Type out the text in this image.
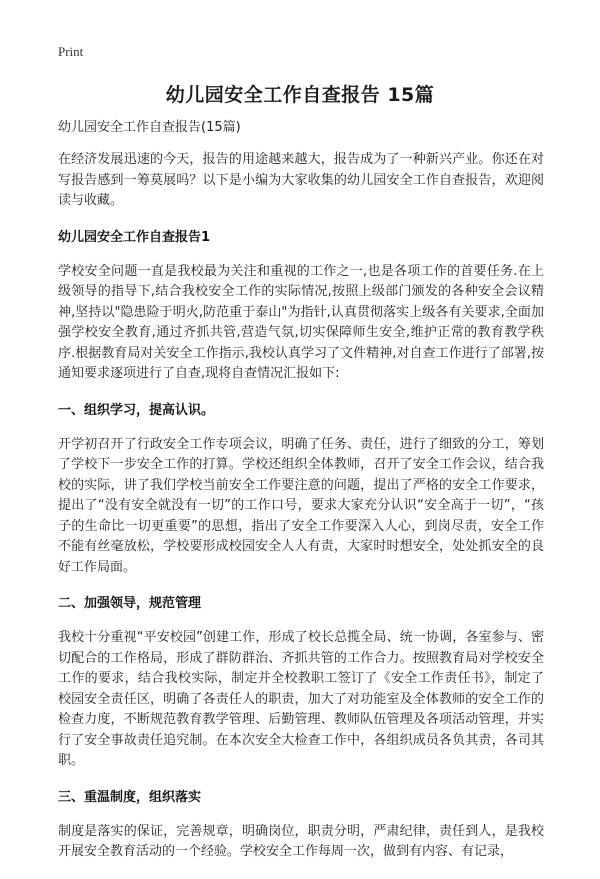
Print
幼儿园安全工作自查报告 15篇

幼儿园安全工作自查报告(15篇)

在经济发展迅速的今天，报告的用途越来越大，报告成为了一种新兴产业。你还在对写报告感到一筹莫展吗？以下是小编为大家收集的幼儿园安全工作自查报告，欢迎阅读与收藏。

幼儿园安全工作自查报告1

学校安全问题一直是我校最为关注和重视的工作之一,也是各项工作的首要任务.在上级领导的指导下,结合我校安全工作的实际情况,按照上级部门颁发的各种安全会议精神,坚持以"隐患险于明火,防范重于泰山"为指针,认真贯彻落实上级各有关要求,全面加强学校安全教育,通过齐抓共管,营造气氛,切实保障师生安全,维护正常的教育教学秩序.根据教育局对关安全工作指示,我校认真学习了文件精神,对自查工作进行了部署,按通知要求逐项进行了自查,现将自查情况汇报如下:

一、组织学习，提高认识。

开学初召开了行政安全工作专项会议，明确了任务、责任，进行了细致的分工，筹划了学校下一步安全工作的打算。学校还组织全体教师，召开了安全工作会议，结合我校的实际，讲了我们学校当前安全工作要注意的问题，提出了严格的安全工作要求，提出了“没有安全就没有一切”的工作口号，要求大家充分认识“安全高于一切”，“孩子的生命比一切更重要”的思想，指出了安全工作要深入人心，到岗尽责，安全工作不能有丝毫放松，学校要形成校园安全人人有责，大家时时想安全，处处抓安全的良好工作局面。

二、加强领导，规范管理

我校十分重视“平安校园”创建工作，形成了校长总揽全局、统一协调，各室参与、密切配合的工作格局，形成了群防群治、齐抓共管的工作合力。按照教育局对学校安全工作的要求，结合我校实际，制定并全校教职工签订了《安全工作责任书》，制定了校园安全责任区，明确了各责任人的职责，加大了对功能室及全体教师的安全工作的检查力度，不断规范教育教学管理、后勤管理、教师队伍管理及各项活动管理，并实行了安全事故责任追究制。在本次安全大检查工作中，各组织成员各负其责，各司其职。

三、重温制度，组织落实

制度是落实的保证，完善规章，明确岗位，职责分明，严肃纪律，责任到人，是我校开展安全教育活动的一个经验。学校安全工作每周一次，做到有内容、有记录，
